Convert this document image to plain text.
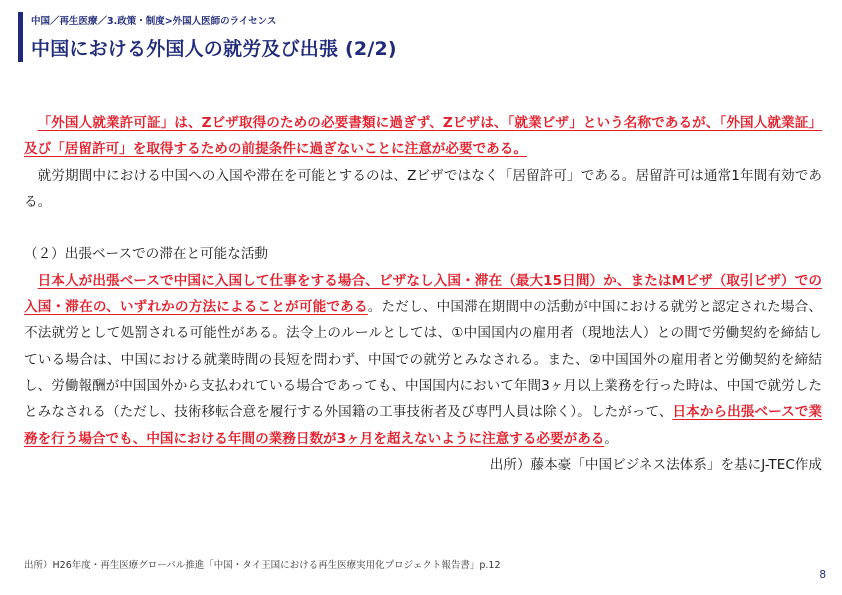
中国／再生医療／3.政策・制度>外国人医師のライセンス
中国における外国人の就労及び出張 (2/2)

「外国人就業許可証」は、Zビザ取得のための必要書類に過ぎず、Zビザは、「就業ビザ」という名称であるが、「外国人就業証」及び「居留許可」を取得するための前提条件に過ぎないことに注意が必要である。

就労期間中における中国への入国や滞在を可能とするのは、Zビザではなく「居留許可」である。居留許可は通常1年間有効である。

（２）出張ベースでの滞在と可能な活動

日本人が出張ベースで中国に入国して仕事をする場合、ビザなし入国・滞在（最大15日間）か、またはMビザ（取引ビザ）での入国・滞在の、いずれかの方法によることが可能である。ただし、中国滞在期間中の活動が中国における就労と認定された場合、不法就労として処罰される可能性がある。法令上のルールとしては、①中国国内の雇用者（現地法人）との間で労働契約を締結している場合は、中国における就業時間の長短を問わず、中国での就労とみなされる。また、②中国国外の雇用者と労働契約を締結し、労働報酬が中国国外から支払われている場合であっても、中国国内において年間3ヶ月以上業務を行った時は、中国で就労したとみなされる（ただし、技術移転合意を履行する外国籍の工事技術者及び専門人員は除く）。したがって、日本から出張ベースで業務を行う場合でも、中国における年間の業務日数が3ヶ月を超えないように注意する必要がある。

出所）藤本豪「中国ビジネス法体系」を基にJ-TEC作成

出所）H26年度・再生医療グローバル推進「中国・タイ王国における再生医療実用化プロジェクト報告書」p.12
8
